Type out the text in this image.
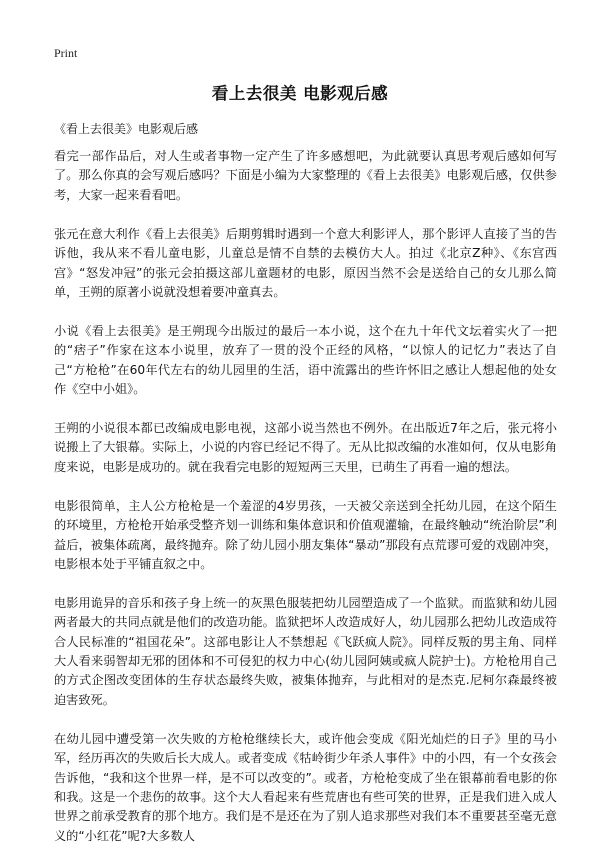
Print
看上去很美 电影观后感

《看上去很美》电影观后感

看完一部作品后，对人生或者事物一定产生了许多感想吧，为此就要认真思考观后感如何写了。那么你真的会写观后感吗？下面是小编为大家整理的《看上去很美》电影观后感，仅供参考，大家一起来看看吧。

张元在意大利作《看上去很美》后期剪辑时遇到一个意大利影评人，那个影评人直接了当的告诉他，我从来不看儿童电影，儿童总是情不自禁的去模仿大人。拍过《北京Z种》、《东宫西宫》“怒发冲冠”的张元会拍摄这部儿童题材的电影，原因当然不会是送给自己的女儿那么简单，王朔的原著小说就没想着要冲童真去。

小说《看上去很美》是王朔现今出版过的最后一本小说，这个在九十年代文坛着实火了一把的“痞子”作家在这本小说里，放弃了一贯的没个正经的风格，“以惊人的记忆力”表达了自己“方枪枪”在60年代左右的幼儿园里的生活，语中流露出的些许怀旧之感让人想起他的处女作《空中小姐》。

王朔的小说很本都已改编成电影电视，这部小说当然也不例外。在出版近7年之后，张元将小说搬上了大银幕。实际上，小说的内容已经记不得了。无从比拟改编的水准如何，仅从电影角度来说，电影是成功的。就在我看完电影的短短两三天里，已萌生了再看一遍的想法。

电影很简单，主人公方枪枪是一个羞涩的4岁男孩，一天被父亲送到全托幼儿园，在这个陌生的环境里，方枪枪开始承受整齐划一训练和集体意识和价值观灌输，在最终触动“统治阶层”利益后，被集体疏离，最终抛弃。除了幼儿园小朋友集体“暴动”那段有点荒谬可爱的戏剧冲突，电影根本处于平铺直叙之中。

电影用诡异的音乐和孩子身上统一的灰黑色服装把幼儿园塑造成了一个监狱。而监狱和幼儿园两者最大的共同点就是他们的改造功能。监狱把坏人改造成好人，幼儿园那么把幼儿改造成符合人民标准的“祖国花朵”。这部电影让人不禁想起《飞跃疯人院》。同样反叛的男主角、同样大人看来弱智却无邪的团体和不可侵犯的权力中心(幼儿园阿姨或疯人院护士)。方枪枪用自己的方式企图改变团体的生存状态最终失败，被集体抛弃，与此相对的是杰克.尼柯尔森最终被迫害致死。

在幼儿园中遭受第一次失败的方枪枪继续长大，或许他会变成《阳光灿烂的日子》里的马小军，经历再次的失败后长大成人。或者变成《牯岭街少年杀人事件》中的小四，有一个女孩会告诉他，“我和这个世界一样，是不可以改变的”。或者，方枪枪变成了坐在银幕前看电影的你和我。这是一个悲伤的故事。这个大人看起来有些荒唐也有些可笑的世界，正是我们进入成人世界之前承受教育的那个地方。我们是不是还在为了别人追求那些对我们本不重要甚至毫无意义的“小红花”呢?大多数人
